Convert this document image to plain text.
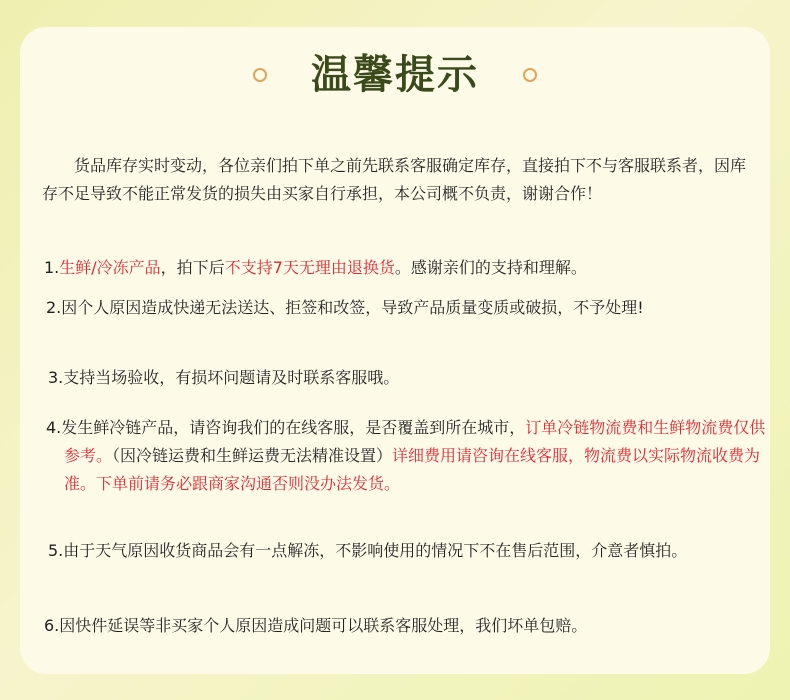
温馨提示

货品库存实时变动，各位亲们拍下单之前先联系客服确定库存，直接拍下不与客服联系者，因库存不足导致不能正常发货的损失由买家自行承担，本公司概不负责，谢谢合作！

1.生鲜/冷冻产品，拍下后不支持7天无理由退换货。感谢亲们的支持和理解。

2.因个人原因造成快递无法送达、拒签和改签，导致产品质量变质或破损，不予处理!

3.支持当场验收，有损坏问题请及时联系客服哦。

4.发生鲜冷链产品，请咨询我们的在线客服，是否覆盖到所在城市，订单冷链物流费和生鲜物流费仅供参考。（因冷链运费和生鲜运费无法精准设置）详细费用请咨询在线客服，物流费以实际物流收费为准。下单前请务必跟商家沟通否则没办法发货。

5.由于天气原因收货商品会有一点解冻，不影响使用的情况下不在售后范围，介意者慎拍。

6.因快件延误等非买家个人原因造成问题可以联系客服处理，我们坏单包赔。
